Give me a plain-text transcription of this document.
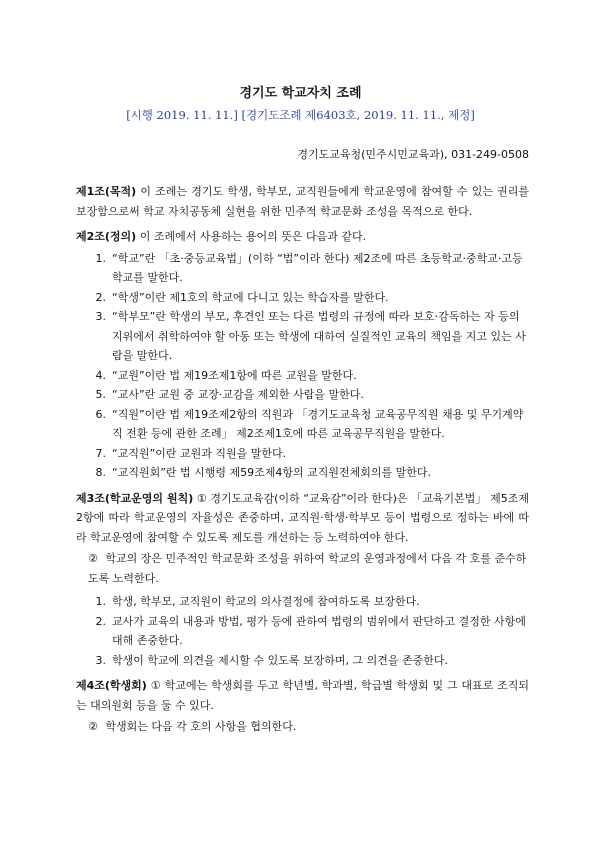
경기도 학교자치 조례
[시행 2019. 11. 11.] [경기도조례 제6403호, 2019. 11. 11., 제정]
경기도교육청(민주시민교육과), 031-249-0508
제1조(목적) 이 조례는 경기도 학생, 학부모, 교직원들에게 학교운영에 참여할 수 있는 권리를 보장함으로써 학교 자치공동체 실현을 위한 민주적 학교문화 조성을 목적으로 한다.
제2조(정의) 이 조례에서 사용하는 용어의 뜻은 다음과 같다.
1. “학교”란 「초·중등교육법」(이하 “법”이라 한다) 제2조에 따른 초등학교·중학교·고등학교를 말한다.
2. “학생”이란 제1호의 학교에 다니고 있는 학습자를 말한다.
3. “학부모”란 학생의 부모, 후견인 또는 다른 법령의 규정에 따라 보호·감독하는 자 등의 지위에서 취학하여야 할 아동 또는 학생에 대하여 실질적인 교육의 책임을 지고 있는 사람을 말한다.
4. “교원”이란 법 제19조제1항에 따른 교원을 말한다.
5. “교사”란 교원 중 교장·교감을 제외한 사람을 말한다.
6. “직원”이란 법 제19조제2항의 직원과 「경기도교육청 교육공무직원 채용 및 무기계약직 전환 등에 관한 조례」 제2조제1호에 따른 교육공무직원을 말한다.
7. “교직원”이란 교원과 직원을 말한다.
8. “교직원회”란 법 시행령 제59조제4항의 교직원전체회의를 말한다.
제3조(학교운영의 원칙) ① 경기도교육감(이하 “교육감”이라 한다)은 「교육기본법」 제5조제2항에 따라 학교운영의 자율성은 존중하며, 교직원·학생·학부모 등이 법령으로 정하는 바에 따라 학교운영에 참여할 수 있도록 제도를 개선하는 등 노력하여야 한다.
② 학교의 장은 민주적인 학교문화 조성을 위하여 학교의 운영과정에서 다음 각 호를 준수하도록 노력한다.
1. 학생, 학부모, 교직원이 학교의 의사결정에 참여하도록 보장한다.
2. 교사가 교육의 내용과 방법, 평가 등에 관하여 법령의 범위에서 판단하고 결정한 사항에 대해 존중한다.
3. 학생이 학교에 의견을 제시할 수 있도록 보장하며, 그 의견을 존중한다.
제4조(학생회) ① 학교에는 학생회를 두고 학년별, 학과별, 학급별 학생회 및 그 대표로 조직되는 대의원회 등을 둘 수 있다.
② 학생회는 다음 각 호의 사항을 협의한다.
